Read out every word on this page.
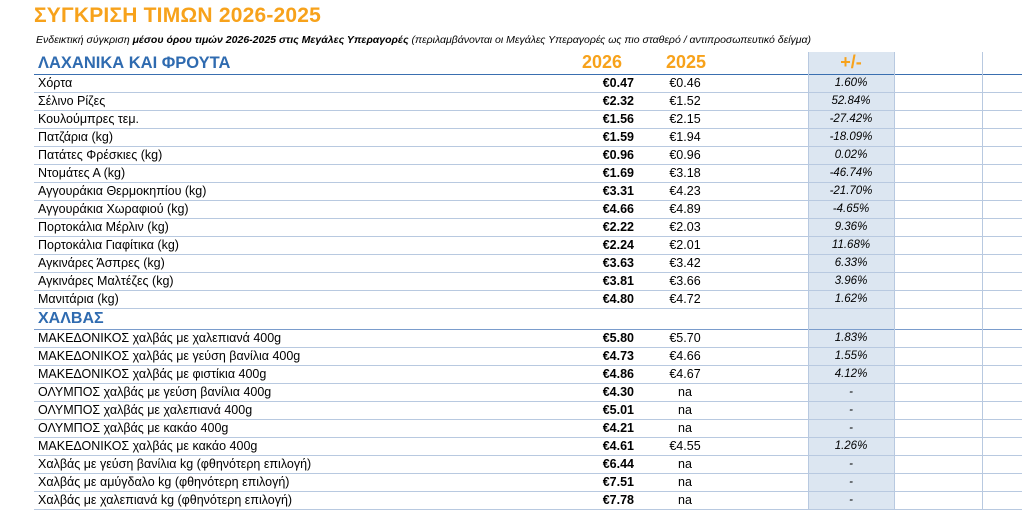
ΣΥΓΚΡΙΣΗ ΤΙΜΩΝ 2026-2025
Ενδεικτική σύγκριση μέσου όρου τιμών 2026-2025 στις Μεγάλες Υπεραγορές (περιλαμβάνονται οι Μεγάλες Υπεραγορές ως πιο σταθερό / αντιπροσωπευτικό δείγμα)
ΛΑΧΑΝΙΚΑ ΚΑΙ ΦΡΟΥΤΑ	2026	2025	+/-
Χόρτα	€0.47	€0.46	1.60%
Σέλινο Ρίζες	€2.32	€1.52	52.84%
Κουλούμπρες τεμ.	€1.56	€2.15	-27.42%
Πατζάρια (kg)	€1.59	€1.94	-18.09%
Πατάτες Φρέσκιες (kg)	€0.96	€0.96	0.02%
Ντομάτες Α (kg)	€1.69	€3.18	-46.74%
Αγγουράκια Θερμοκηπίου (kg)	€3.31	€4.23	-21.70%
Αγγουράκια Χωραφιού (kg)	€4.66	€4.89	-4.65%
Πορτοκάλια Μέρλιν (kg)	€2.22	€2.03	9.36%
Πορτοκάλια Γιαφίτικα (kg)	€2.24	€2.01	11.68%
Αγκινάρες Άσπρες (kg)	€3.63	€3.42	6.33%
Αγκινάρες Μαλτέζες (kg)	€3.81	€3.66	3.96%
Μανιτάρια (kg)	€4.80	€4.72	1.62%
ΧΑΛΒΑΣ
ΜΑΚΕΔΟΝΙΚΟΣ χαλβάς με χαλεπιανά 400g	€5.80	€5.70	1.83%
ΜΑΚΕΔΟΝΙΚΟΣ χαλβάς με γεύση βανίλια 400g	€4.73	€4.66	1.55%
ΜΑΚΕΔΟΝΙΚΟΣ χαλβάς με φιστίκια 400g	€4.86	€4.67	4.12%
ΟΛΥΜΠΟΣ χαλβάς με γεύση βανίλια 400g	€4.30	na	-
ΟΛΥΜΠΟΣ χαλβάς με χαλεπιανά 400g	€5.01	na	-
ΟΛΥΜΠΟΣ χαλβάς με κακάο 400g	€4.21	na	-
ΜΑΚΕΔΟΝΙΚΟΣ χαλβάς με κακάο 400g	€4.61	€4.55	1.26%
Χαλβάς με γεύση βανίλια kg (φθηνότερη επιλογή)	€6.44	na	-
Χαλβάς με αμύγδαλο kg (φθηνότερη επιλογή)	€7.51	na	-
Χαλβάς με χαλεπιανά kg (φθηνότερη επιλογή)	€7.78	na	-
